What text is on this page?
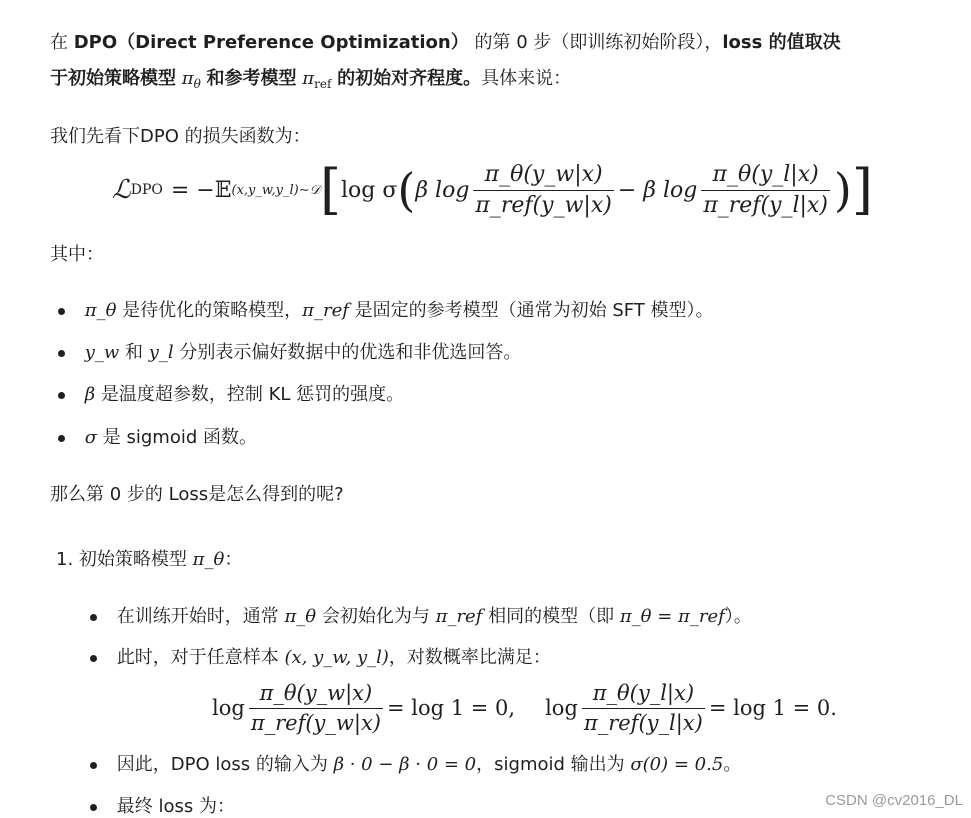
在 DPO（Direct Preference Optimization） 的第 0 步（即训练初始阶段），loss 的值取决
于初始策略模型 $\pi_\theta$ 和参考模型 $\pi_{ref}$ 的初始对齐程度。具体来说：
我们先看下DPO 的损失函数为：
ℒ DPO = −𝔼 (x,y_w,y_l)∼𝒟 [ log σ ( β $\log \frac{\pi\_\theta(y\_w|x)}{\text{π\_ref(y\_w|x)}} - \beta$ $\log \frac{\pi\_\theta(y\_l|x)}{\text{π\_ref(y\_l|x)}}$ ) ]
其中：
π_θ 是待优化的策略模型，π_ref 是固定的参考模型（通常为初始 SFT 模型）。
y_w 和 y_l 分别表示偏好数据中的优选和非优选回答。
β 是温度超参数，控制 KL 惩罚的强度。
σ 是 sigmoid 函数。
那么第 0 步的 Loss是怎么得到的呢?
1. 初始策略模型 π_θ：
在训练开始时，通常 π_θ 会初始化为与 π_ref 相同的模型（即 π_θ = π_ref）。
此时，对于任意样本 (x, y_w, y_l)，对数概率比满足：
$\log \frac{\pi\_\theta(y\_w|x)}{\text{π\_ref(y\_w|x)}} = \log 1 = 0$, $\log \frac{\pi\_\theta(y\_l|x)}{\text{π\_ref(y\_l|x)}} = \log 1 = 0$.
因此，DPO loss 的输入为 β · 0 − β · 0 = 0，sigmoid 输出为 σ(0) = 0.5。
最终 loss 为：	CSDN @cv2016_DL
